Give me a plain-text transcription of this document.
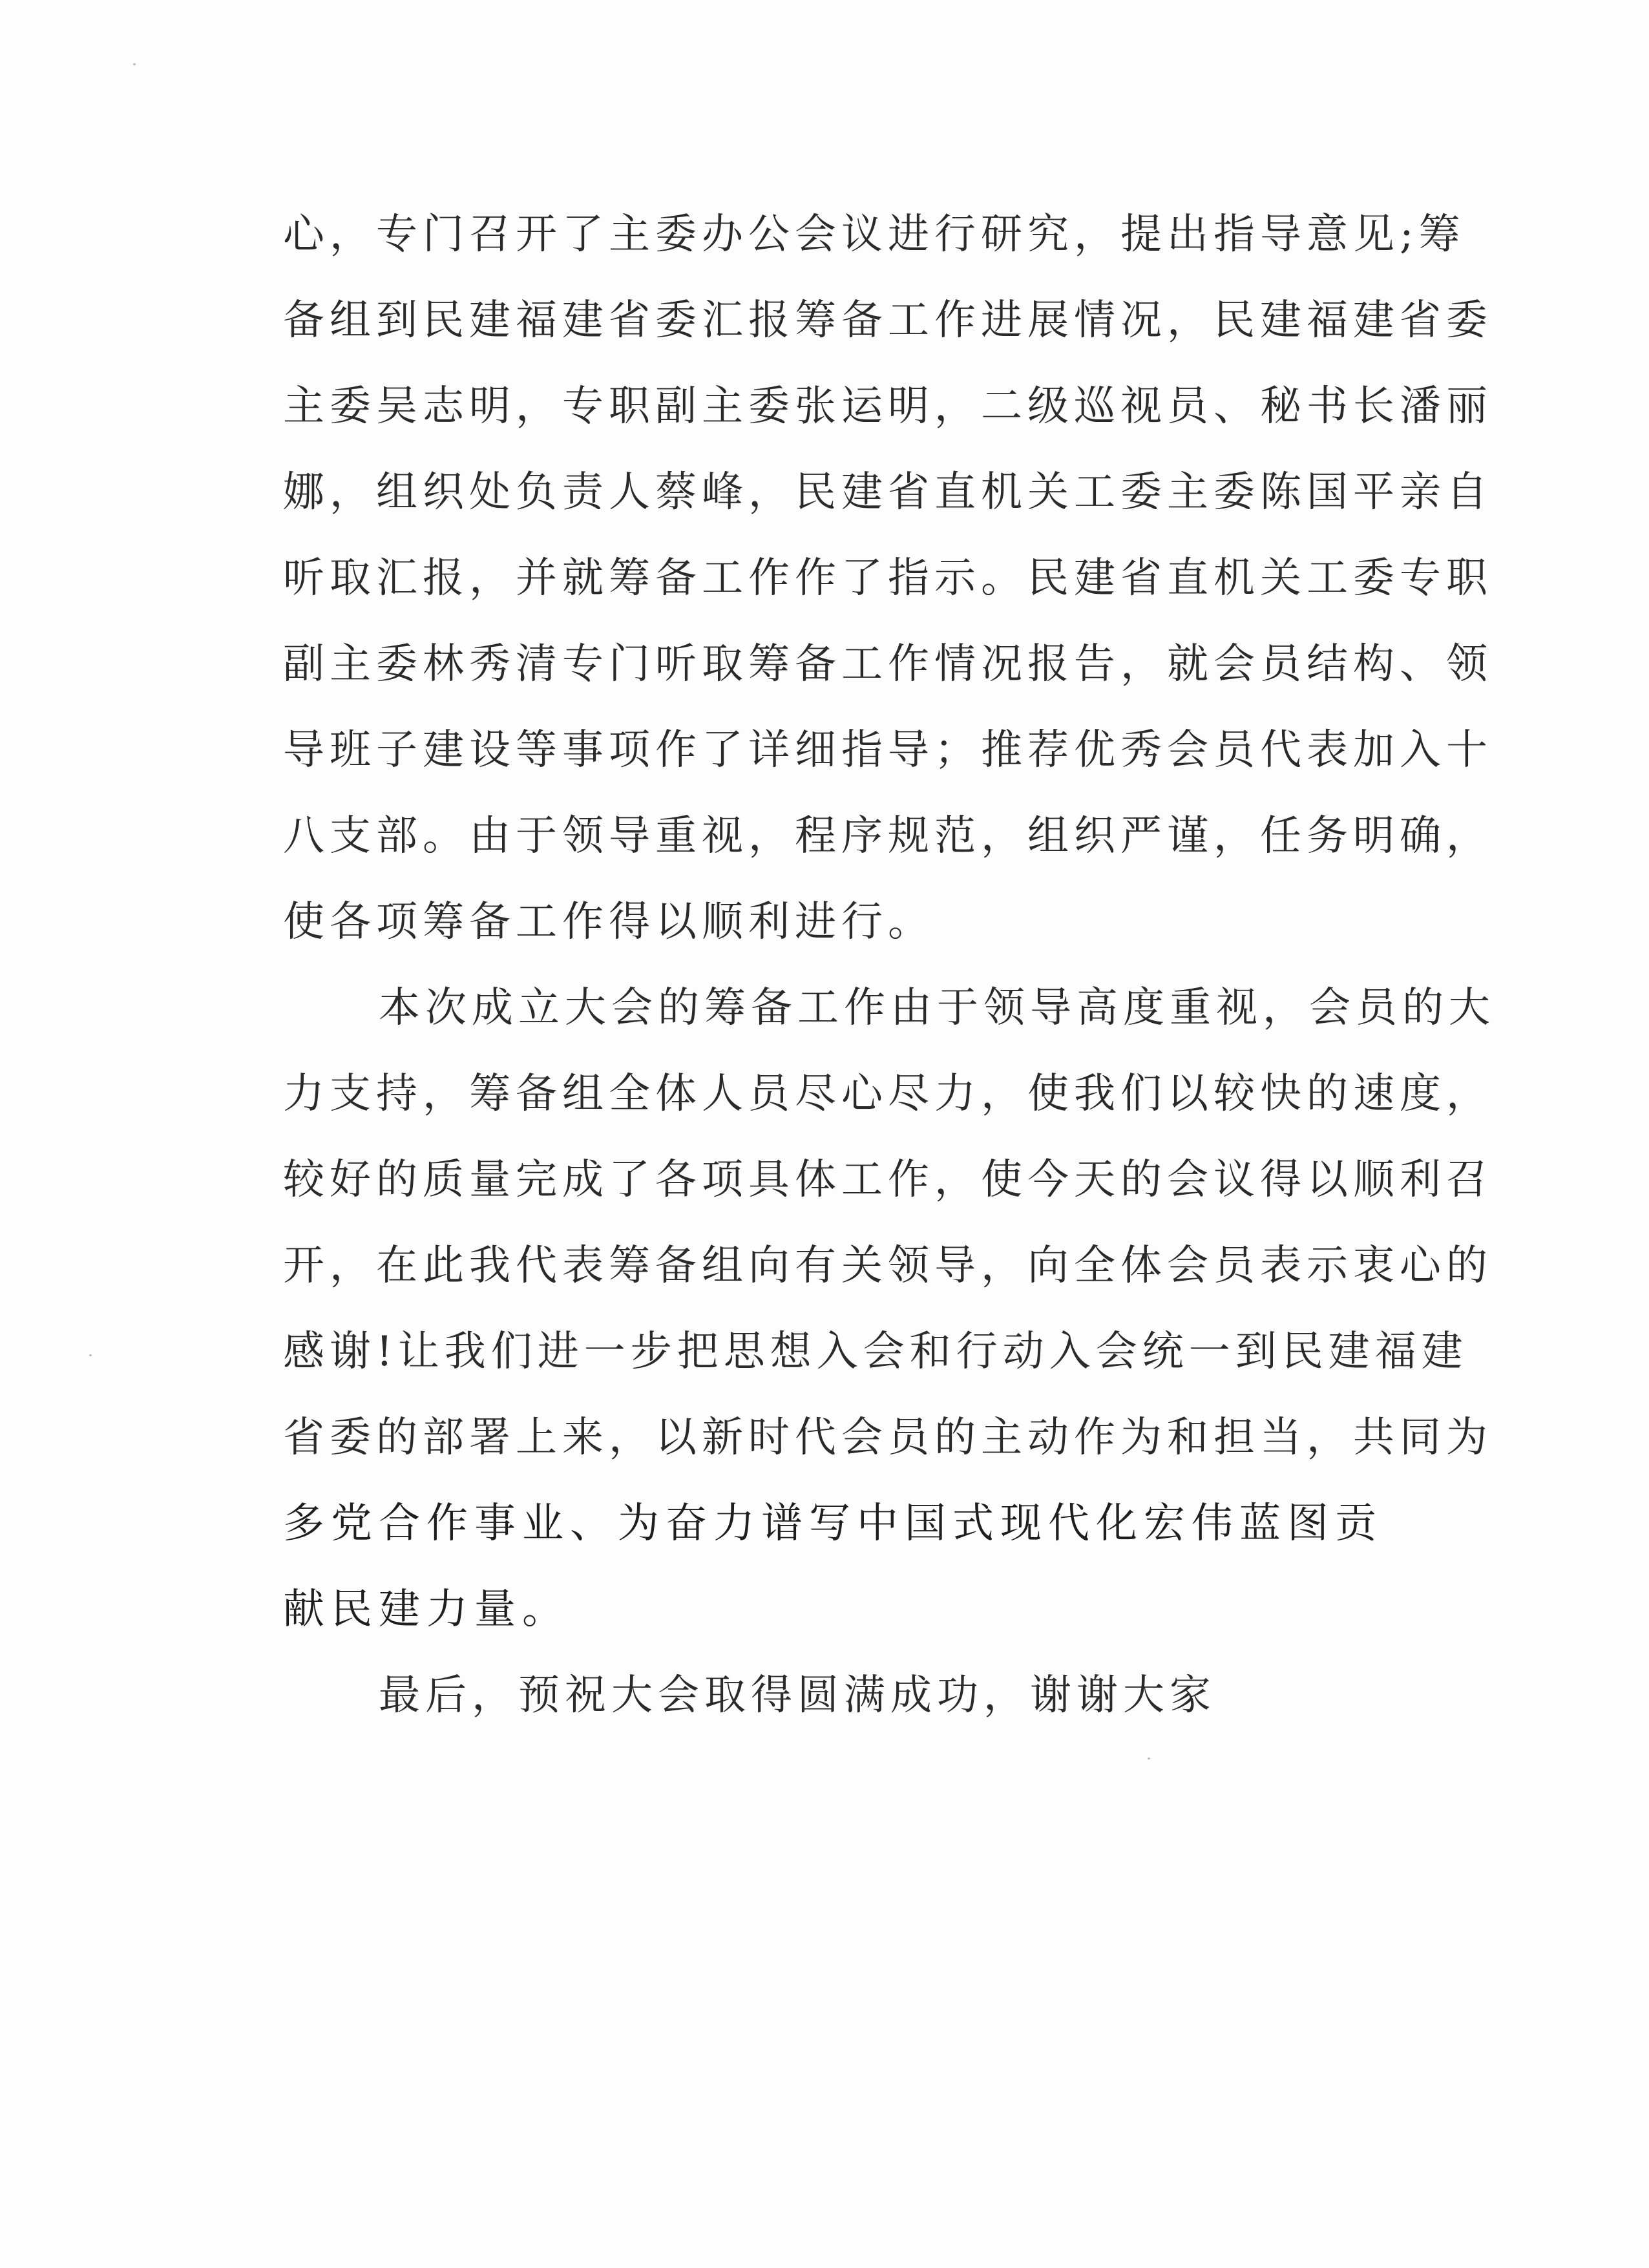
心，专门召开了主委办公会议进行研究，提出指导意见;筹
备组到民建福建省委汇报筹备工作进展情况，民建福建省委
主委吴志明，专职副主委张运明，二级巡视员、秘书长潘丽
娜，组织处负责人蔡峰，民建省直机关工委主委陈国平亲自
听取汇报，并就筹备工作作了指示。民建省直机关工委专职
副主委林秀清专门听取筹备工作情况报告，就会员结构、领
导班子建设等事项作了详细指导；推荐优秀会员代表加入十
八支部。由于领导重视，程序规范，组织严谨，任务明确，
使各项筹备工作得以顺利进行。
本次成立大会的筹备工作由于领导高度重视，会员的大
力支持，筹备组全体人员尽心尽力，使我们以较快的速度，
较好的质量完成了各项具体工作，使今天的会议得以顺利召
开，在此我代表筹备组向有关领导，向全体会员表示衷心的
感谢!让我们进一步把思想入会和行动入会统一到民建福建
省委的部署上来，以新时代会员的主动作为和担当，共同为
多党合作事业、为奋力谱写中国式现代化宏伟蓝图贡
献民建力量。
最后，预祝大会取得圆满成功，谢谢大家
